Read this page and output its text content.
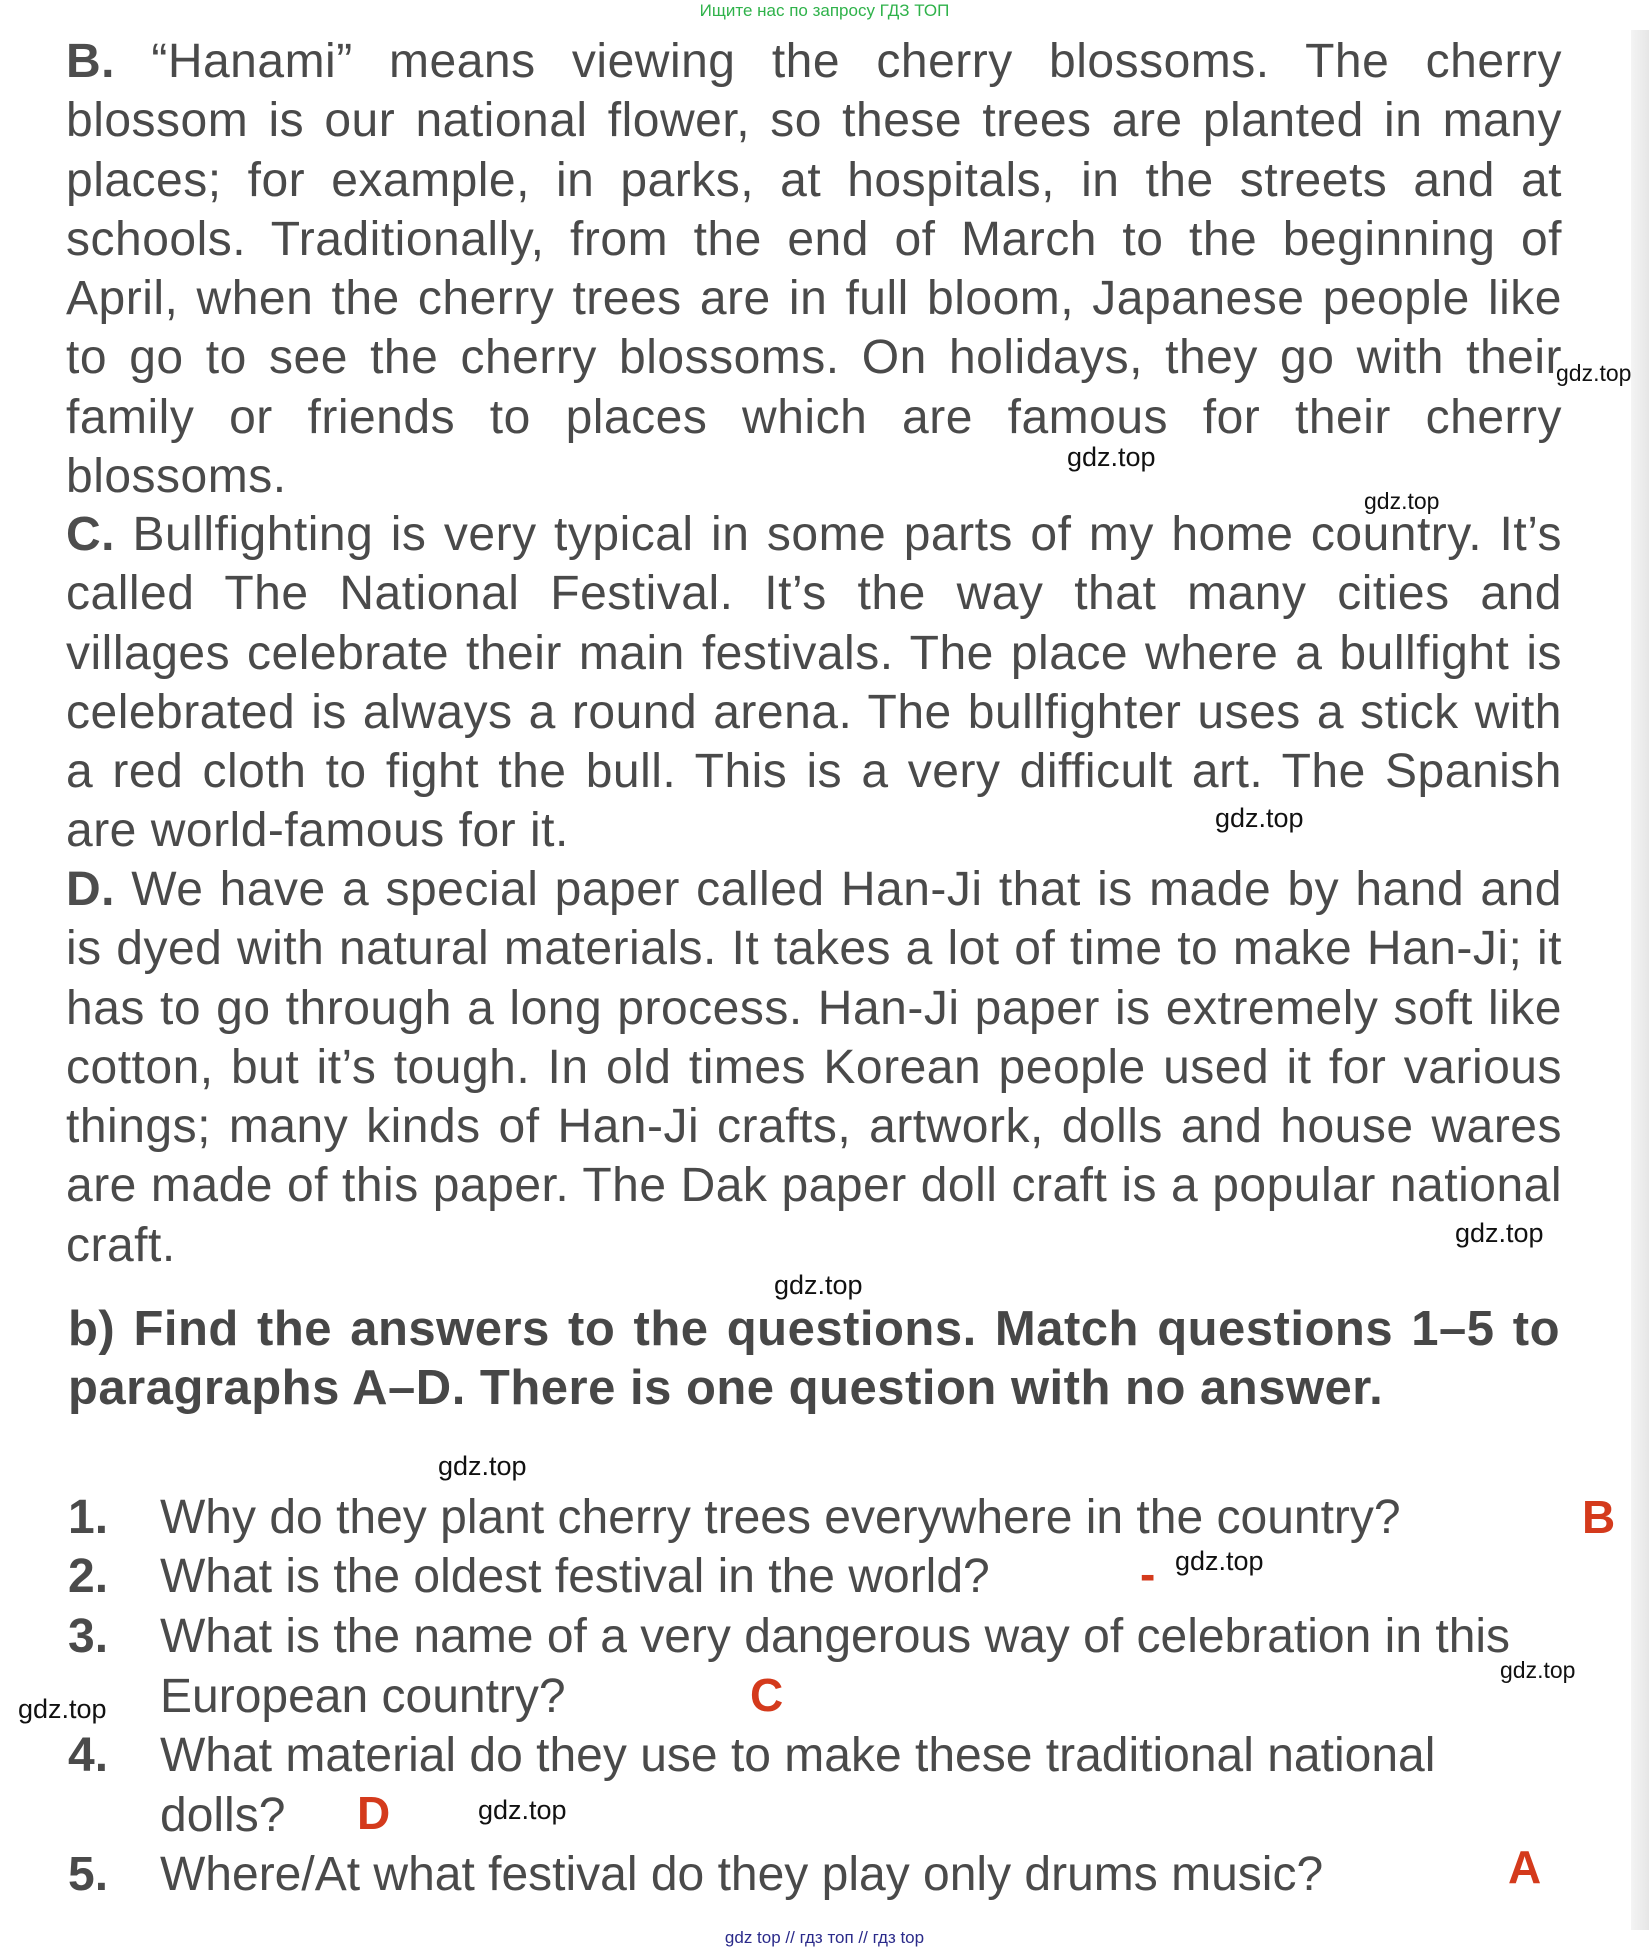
Ищите нас по запросу ГДЗ ТОП
B. “Hanami” means viewing the cherry blossoms. The cherry blossom is our national flower, so these trees are planted in many places; for example, in parks, at hospitals, in the streets and at schools. Traditionally, from the end of March to the beginning of April, when the cherry trees are in full bloom, Japanese people like to go to see the cherry blossoms. On holidays, they go with their family or friends to places which are famous for their cherry blossoms.
C. Bullfighting is very typical in some parts of my home country. It’s called The National Festival. It’s the way that many cities and villages celebrate their main festivals. The place where a bullfight is celebrated is always a round arena. The bullfighter uses a stick with a red cloth to fight the bull. This is a very difficult art. The Spanish are world-famous for it.
D. We have a special paper called Han-Ji that is made by hand and is dyed with natural materials. It takes a lot of time to make Han-Ji; it has to go through a long process. Han-Ji paper is extremely soft like cotton, but it’s tough. In old times Korean people used it for various things; many kinds of Han-Ji crafts, artwork, dolls and house wares are made of this paper. The Dak paper doll craft is a popular national craft.
b) Find the answers to the questions. Match questions 1–5 to paragraphs A–D. There is one question with no answer.
1. Why do they plant cherry trees everywhere in the country?
2. What is the oldest festival in the world?
3. What is the name of a very dangerous way of celebration in this European country?
4. What material do they use to make these traditional national dolls?
5. Where/At what festival do they play only drums music?
B
-
C
D
A
gdz.top
gdz.top
gdz.top
gdz.top
gdz.top
gdz.top
gdz.top
gdz.top
gdz.top
gdz.top
gdz.top
gdz top // гдз топ // гдз top
